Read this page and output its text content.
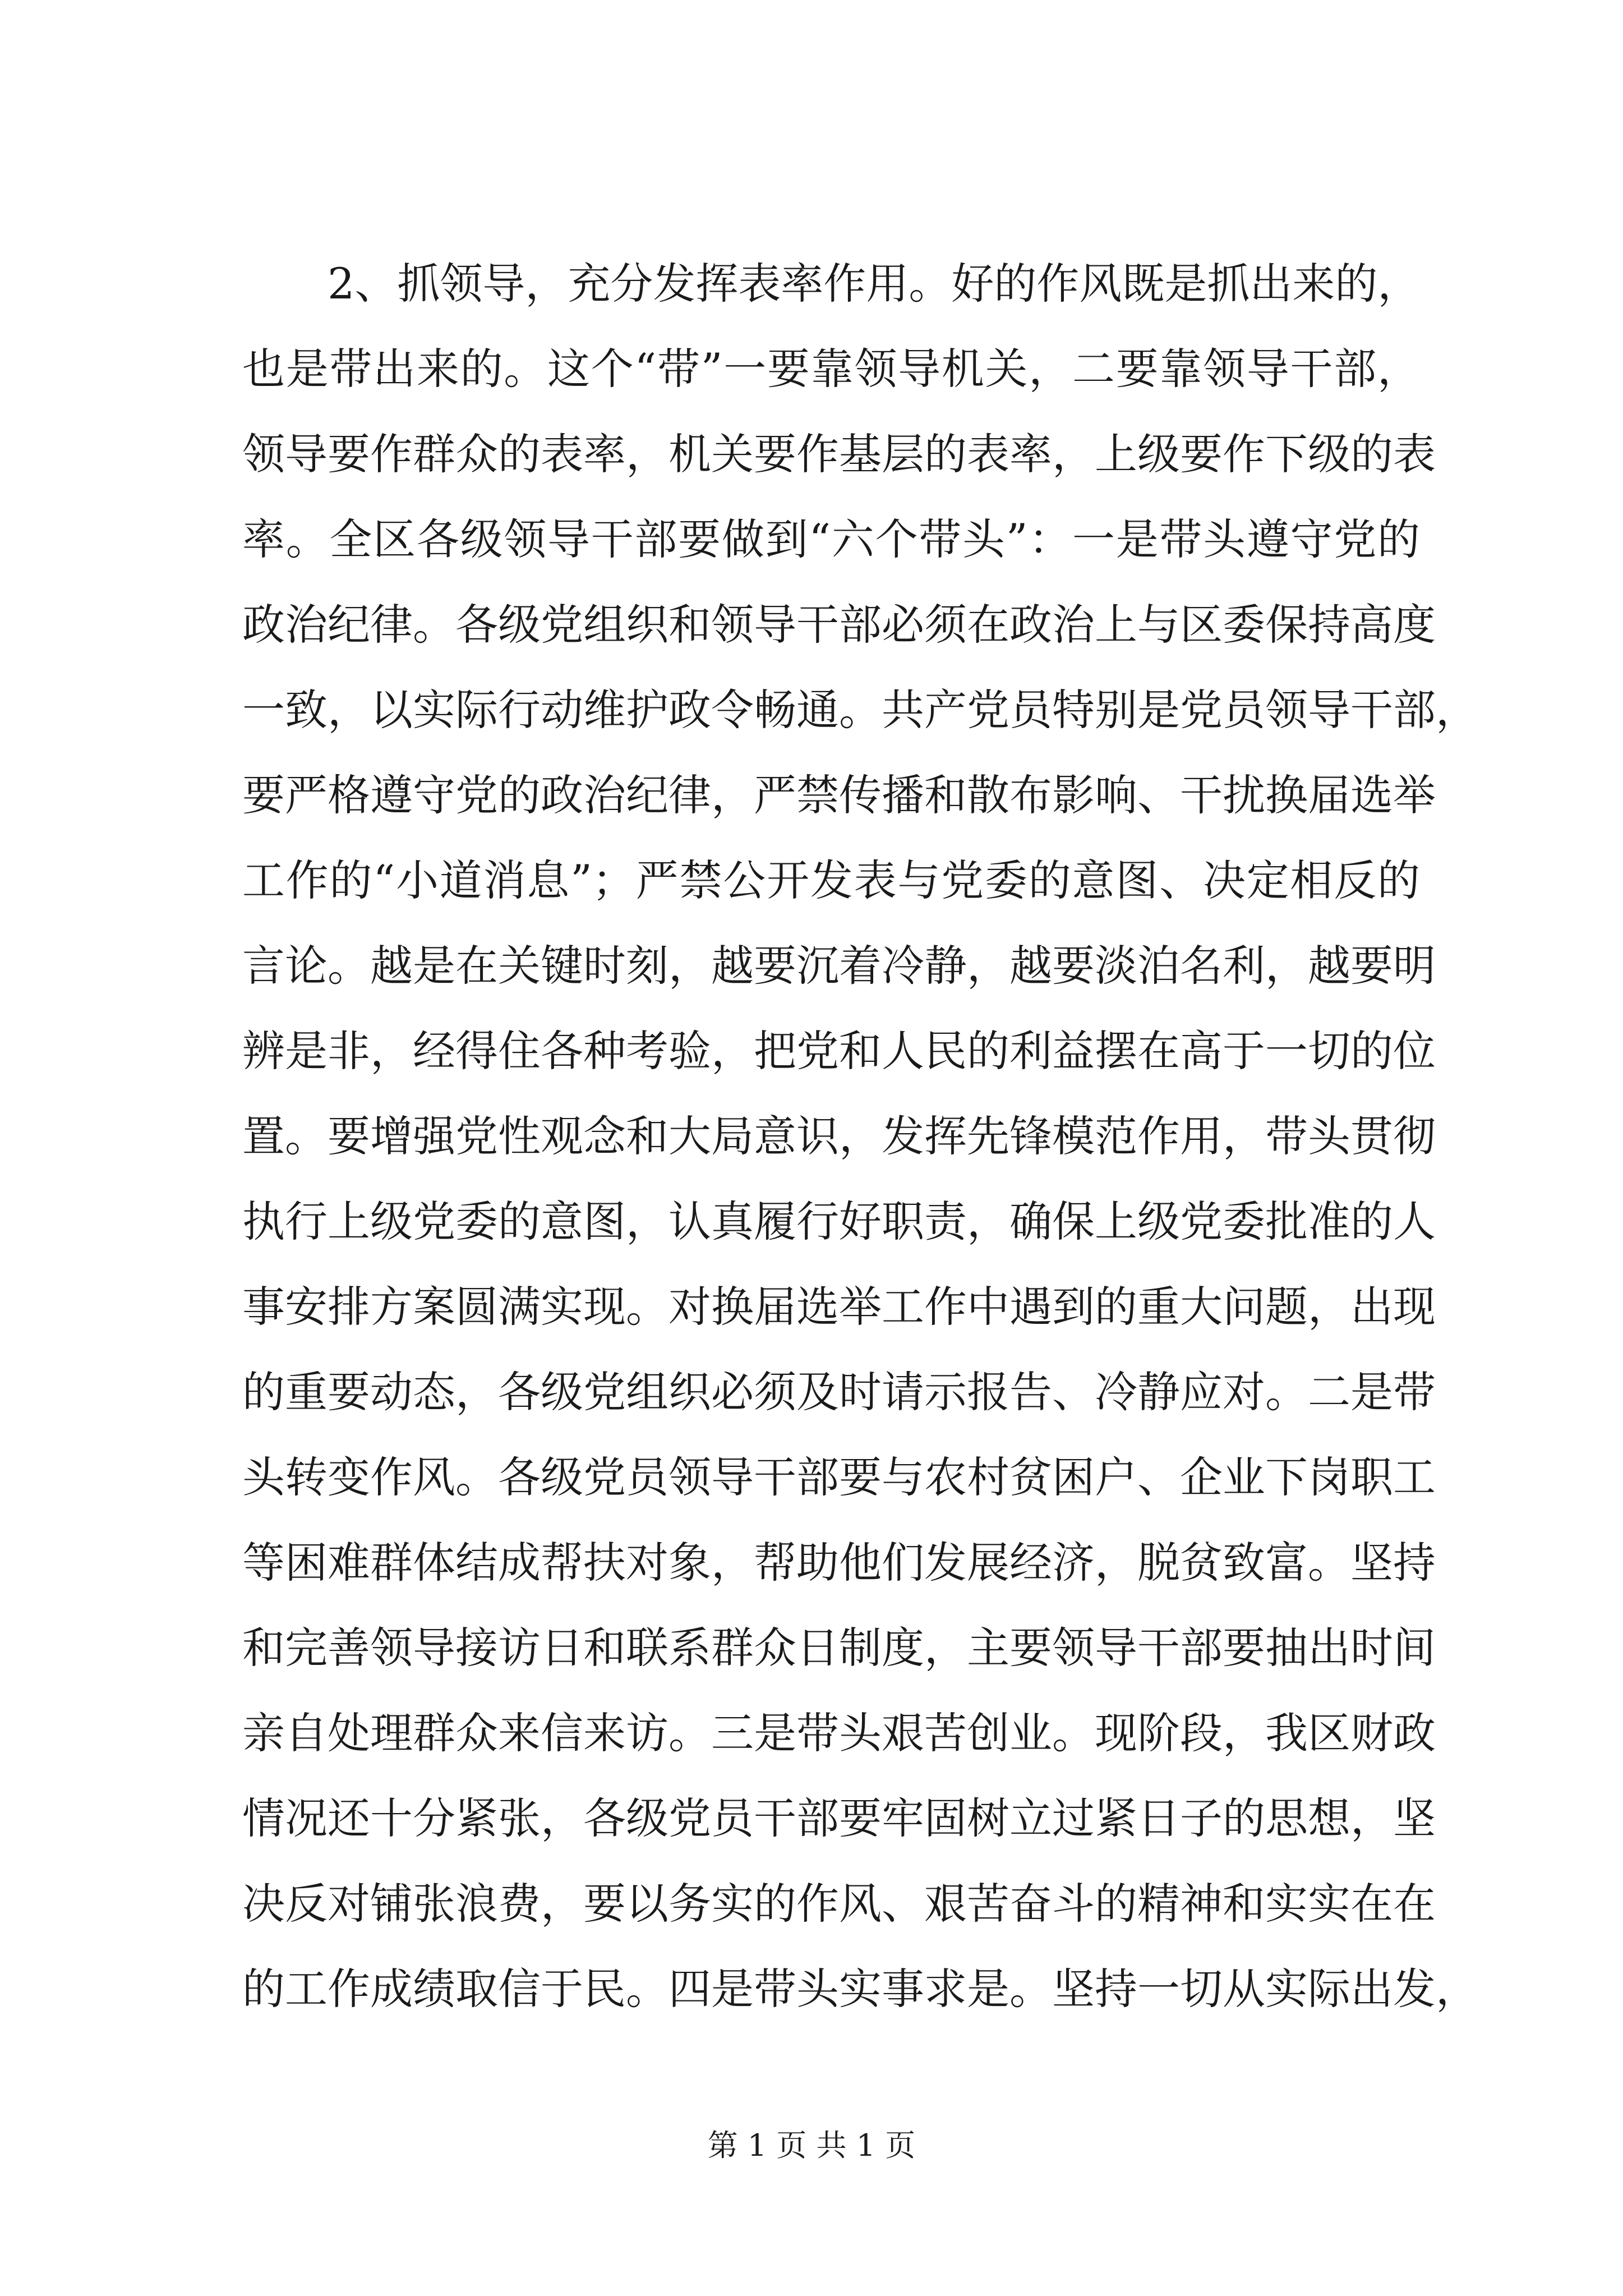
2、抓领导，充分发挥表率作用。好的作风既是抓出来的，
也是带出来的。这个“带”一要靠领导机关，二要靠领导干部，
领导要作群众的表率，机关要作基层的表率，上级要作下级的表
率。全区各级领导干部要做到“六个带头”：一是带头遵守党的
政治纪律。各级党组织和领导干部必须在政治上与区委保持高度
一致，以实际行动维护政令畅通。共产党员特别是党员领导干部，
要严格遵守党的政治纪律，严禁传播和散布影响、干扰换届选举
工作的“小道消息”；严禁公开发表与党委的意图、决定相反的
言论。越是在关键时刻，越要沉着冷静，越要淡泊名利，越要明
辨是非，经得住各种考验，把党和人民的利益摆在高于一切的位
置。要增强党性观念和大局意识，发挥先锋模范作用，带头贯彻
执行上级党委的意图，认真履行好职责，确保上级党委批准的人
事安排方案圆满实现。对换届选举工作中遇到的重大问题，出现
的重要动态，各级党组织必须及时请示报告、冷静应对。二是带
头转变作风。各级党员领导干部要与农村贫困户、企业下岗职工
等困难群体结成帮扶对象，帮助他们发展经济，脱贫致富。坚持
和完善领导接访日和联系群众日制度，主要领导干部要抽出时间
亲自处理群众来信来访。三是带头艰苦创业。现阶段，我区财政
情况还十分紧张，各级党员干部要牢固树立过紧日子的思想，坚
决反对铺张浪费，要以务实的作风、艰苦奋斗的精神和实实在在
的工作成绩取信于民。四是带头实事求是。坚持一切从实际出发，
第 1 页 共 1 页
